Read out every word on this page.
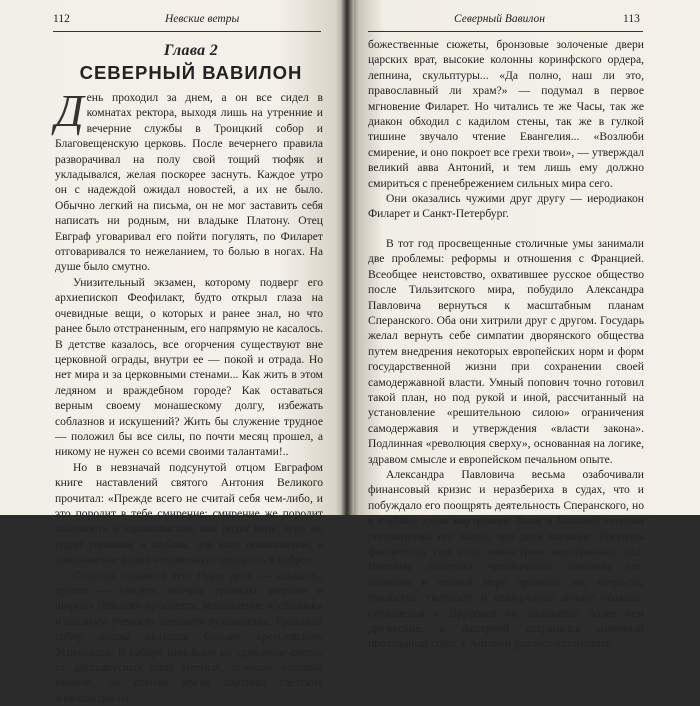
112	Невские ветры
Глава 2
СЕВЕРНЫЙ ВАВИЛОН

День проходил за днем, а он все сидел в комнатах ректора, выходя лишь на утренние и вечерние службы в Троицкий собор и Благовещенскую церковь. После вечернего правила разворачивал на полу свой тощий тюфяк и укладывался, желая поскорее заснуть. Каждое утро он с надеждой ожидал новостей, а их не было. Обычно легкий на письма, он не мог заставить себя написать ни родным, ни владыке Платону. Отец Евграф уговаривал его пойти погулять, по Филарет отговаривался то нежеланием, то болью в ногах. На душе было смутно.

Унизительный экзамен, которому подверг его архиепископ Феофилакт, будто открыл глаза на очевидные вещи, о которых и ранее знал, но что ранее было отстраненным, его напрямую не касалось. В детстве казалось, все огорчения существуют вне церковной ограды, внутри ее — покой и отрада. Но нет мира и за церковными стенами... Как жить в этом ледяном и враждебном городе? Как оставаться верным своему монашескому долгу, избежать соблазнов и искушений? Жить бы служение трудное — положил бы все силы, по почти месяц прошел, а никому не нужен со всеми своими талантами!..

Но в невзначай подсунутой отцом Евграфом книге наставлений святого Антония Великого прочитал: «Прежде всего не считай себя чем-либо, и это породит в тебе смирение; смирение же породит опытность и здравомыслие, кои родят веру; вера же родит упование и любовь, для коих повиновение, а повиновение родит неизменную твердость в добре».

Столица подавила его. Одно дело — слышать, другое — увидеть воочию громады дворцов и ширину Невского проспекта, великолепие обстановки и высокую ученость здешнего духовенства. Троицкий собор лавры оказался больше кремлевского Успенского. В соборе ним было на удивление светло от двухъярусных окон. Черный, зеленый, розовый мрамор, по стенам яркие картины светских живописцев на

Северный Вавилон	113

божественные сюжеты, бронзовые золоченые двери царских врат, высокие колонны коринфского ордера, лепнина, скульптуры... «Да полно, наш ли это, православный ли храм?» — подумал в первое мгновение Филарет. Но читались те же Часы, так же диакон обходил с кадилом стены, так же в гулкой тишине звучало чтение Евангелия... «Возлюби смирение, и оно покроет все грехи твои», — утверждал великий авва Антоний, и тем лишь ему должно смириться с пренебрежением сильных мира сего.

Они оказались чужими друг другу — иеродиакон Филарет и Санкт-Петербург.

В тот год просвещенные столичные умы занимали две проблемы: реформы и отношения с Францией. Всеобщее неистовство, охватившее русское общество после Тильзитского мира, побудило Александра Павловича вернуться к масштабным планам Сперанского. Оба они хитрили друг с другом. Государь желал вернуть себе симпатии дворянского общества путем внедрения некоторых европейских норм и форм государственной жизни при сохранении своей самодержавной власти. Умный попович точно готовил такой план, но под рукой и иной, рассчитанный на установление «решительною силою» ограничения самодержавия и утверждения «власти закона». Подлинная «революция сверху», основанная на логике, здравом смысле и европейском печальном опыте.

Александра Павловича весьма озабочивали финансовый кризис и неразбериха в судах, что и побуждало его поощрять деятельность Сперанского, но в глубине души внутренние были в большей степени регулируемы его волей, чем дела внешние. Государь фактически сам стал министром иностранных дел. Внешняя политика чрезвычайно занимала его, позволяя в полной мере проявить ум, хитрость, лукавство, твердость и незаурядное личное обаяние. Отношения с Пруссией он налаживал более чем дружеские, с Австрией сохранялся извечный прохладный союз, с Англией удалось установить
